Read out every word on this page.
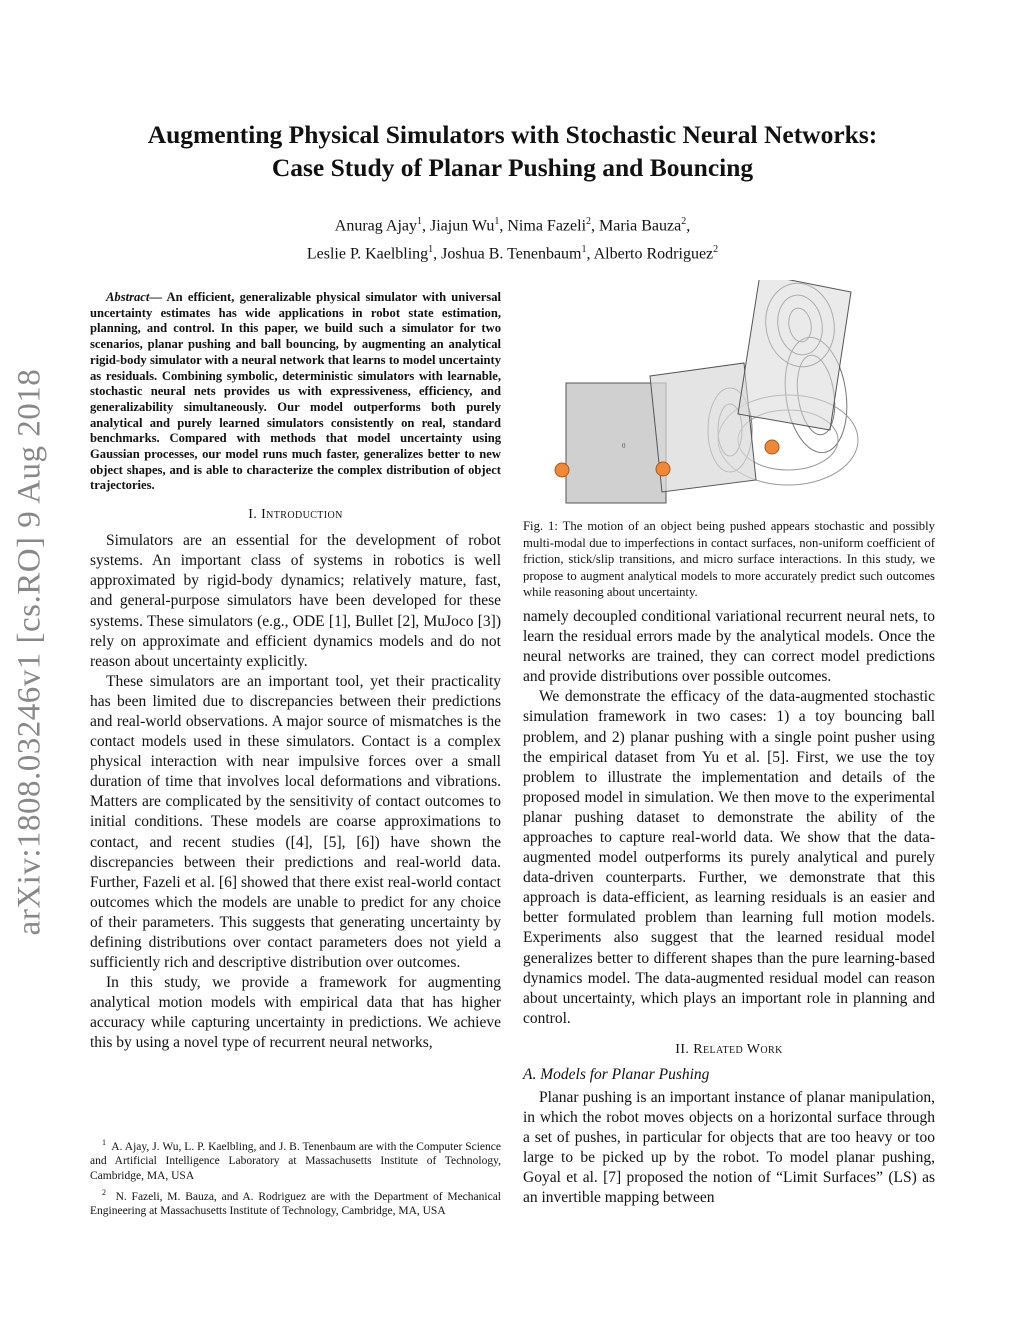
arXiv:1808.03246v1 [cs.RO] 9 Aug 2018
Augmenting Physical Simulators with Stochastic Neural Networks:
Case Study of Planar Pushing and Bouncing
Anurag Ajay$^1$, Jiajun Wu$^1$, Nima Fazeli$^2$, Maria Bauza$^2$,
Leslie P. Kaelbling$^1$, Joshua B. Tenenbaum$^1$, Alberto Rodriguez$^2$

Abstract— An efficient, generalizable physical simulator with universal uncertainty estimates has wide applications in robot state estimation, planning, and control. In this paper, we build such a simulator for two scenarios, planar pushing and ball bouncing, by augmenting an analytical rigid-body simulator with a neural network that learns to model uncertainty as residuals. Combining symbolic, deterministic simulators with learnable, stochastic neural nets provides us with expressiveness, efficiency, and generalizability simultaneously. Our model outperforms both purely analytical and purely learned simulators consistently on real, standard benchmarks. Compared with methods that model uncertainty using Gaussian processes, our model runs much faster, generalizes better to new object shapes, and is able to characterize the complex distribution of object trajectories.

I. Introduction

Simulators are an essential for the development of robot systems. An important class of systems in robotics is well approximated by rigid-body dynamics; relatively mature, fast, and general-purpose simulators have been developed for these systems. These simulators (e.g., ODE [1], Bullet [2], MuJoco [3]) rely on approximate and efficient dynamics models and do not reason about uncertainty explicitly.

These simulators are an important tool, yet their practicality has been limited due to discrepancies between their predictions and real-world observations. A major source of mismatches is the contact models used in these simulators. Contact is a complex physical interaction with near impulsive forces over a small duration of time that involves local deformations and vibrations. Matters are complicated by the sensitivity of contact outcomes to initial conditions. These models are coarse approximations to contact, and recent studies ([4], [5], [6]) have shown the discrepancies between their predictions and real-world data. Further, Fazeli et al. [6] showed that there exist real-world contact outcomes which the models are unable to predict for any choice of their parameters. This suggests that generating uncertainty by defining distributions over contact parameters does not yield a sufficiently rich and descriptive distribution over outcomes.

In this study, we provide a framework for augmenting analytical motion models with empirical data that has higher accuracy while capturing uncertainty in predictions. We achieve this by using a novel type of recurrent neural networks,

$^1$ A. Ajay, J. Wu, L. P. Kaelbling, and J. B. Tenenbaum are with the Computer Science and Artificial Intelligence Laboratory at Massachusetts Institute of Technology, Cambridge, MA, USA

$^2$ N. Fazeli, M. Bauza, and A. Rodriguez are with the Department of Mechanical Engineering at Massachusetts Institute of Technology, Cambridge, MA, USA

0

Fig. 1: The motion of an object being pushed appears stochastic and possibly multi-modal due to imperfections in contact surfaces, non-uniform coefficient of friction, stick/slip transitions, and micro surface interactions. In this study, we propose to augment analytical models to more accurately predict such outcomes while reasoning about uncertainty.

namely decoupled conditional variational recurrent neural nets, to learn the residual errors made by the analytical models. Once the neural networks are trained, they can correct model predictions and provide distributions over possible outcomes.

We demonstrate the efficacy of the data-augmented stochastic simulation framework in two cases: 1) a toy bouncing ball problem, and 2) planar pushing with a single point pusher using the empirical dataset from Yu et al. [5]. First, we use the toy problem to illustrate the implementation and details of the proposed model in simulation. We then move to the experimental planar pushing dataset to demonstrate the ability of the approaches to capture real-world data. We show that the data-augmented model outperforms its purely analytical and purely data-driven counterparts. Further, we demonstrate that this approach is data-efficient, as learning residuals is an easier and better formulated problem than learning full motion models. Experiments also suggest that the learned residual model generalizes better to different shapes than the pure learning-based dynamics model. The data-augmented residual model can reason about uncertainty, which plays an important role in planning and control.

II. Related Work
A. Models for Planar Pushing

Planar pushing is an important instance of planar manipulation, in which the robot moves objects on a horizontal surface through a set of pushes, in particular for objects that are too heavy or too large to be picked up by the robot. To model planar pushing, Goyal et al. [7] proposed the notion of “Limit Surfaces” (LS) as an invertible mapping between
